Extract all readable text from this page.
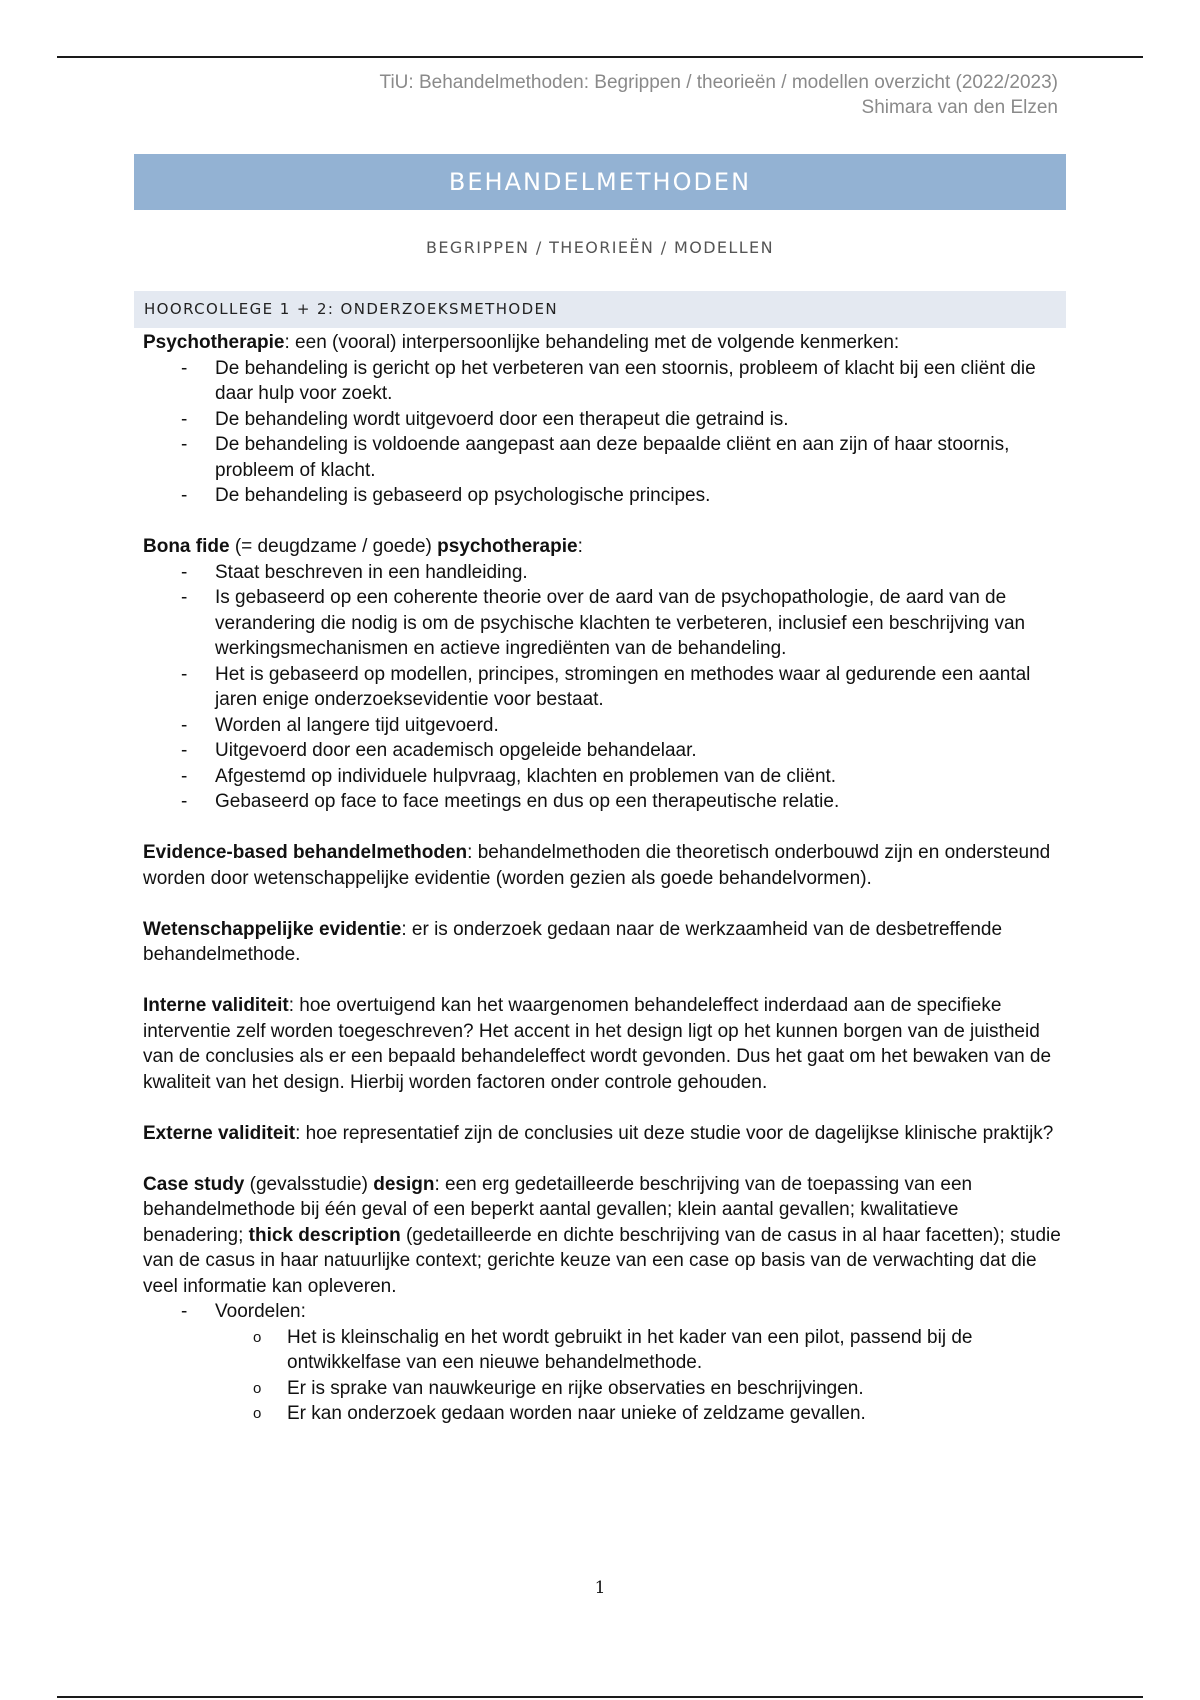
TiU: Behandelmethoden: Begrippen / theorieën / modellen overzicht (2022/2023)
Shimara van den Elzen
BEHANDELMETHODEN
BEGRIPPEN / THEORIEËN / MODELLEN
HOORCOLLEGE 1 + 2: ONDERZOEKSMETHODEN

Psychotherapie: een (vooral) interpersoonlijke behandeling met de volgende kenmerken:

- De behandeling is gericht op het verbeteren van een stoornis, probleem of klacht bij een cliënt die daar hulp voor zoekt.
- De behandeling wordt uitgevoerd door een therapeut die getraind is.
- De behandeling is voldoende aangepast aan deze bepaalde cliënt en aan zijn of haar stoornis, probleem of klacht.
- De behandeling is gebaseerd op psychologische principes.

Bona fide (= deugdzame / goede) psychotherapie:

- Staat beschreven in een handleiding.
- Is gebaseerd op een coherente theorie over de aard van de psychopathologie, de aard van de verandering die nodig is om de psychische klachten te verbeteren, inclusief een beschrijving van werkingsmechanismen en actieve ingrediënten van de behandeling.
- Het is gebaseerd op modellen, principes, stromingen en methodes waar al gedurende een aantal jaren enige onderzoeksevidentie voor bestaat.
- Worden al langere tijd uitgevoerd.
- Uitgevoerd door een academisch opgeleide behandelaar.
- Afgestemd op individuele hulpvraag, klachten en problemen van de cliënt.
- Gebaseerd op face to face meetings en dus op een therapeutische relatie.

Evidence-based behandelmethoden: behandelmethoden die theoretisch onderbouwd zijn en ondersteund worden door wetenschappelijke evidentie (worden gezien als goede behandelvormen).

Wetenschappelijke evidentie: er is onderzoek gedaan naar de werkzaamheid van de desbetreffende behandelmethode.

Interne validiteit: hoe overtuigend kan het waargenomen behandeleffect inderdaad aan de specifieke interventie zelf worden toegeschreven? Het accent in het design ligt op het kunnen borgen van de juistheid van de conclusies als er een bepaald behandeleffect wordt gevonden. Dus het gaat om het bewaken van de kwaliteit van het design. Hierbij worden factoren onder controle gehouden.

Externe validiteit: hoe representatief zijn de conclusies uit deze studie voor de dagelijkse klinische praktijk?

Case study (gevalsstudie) design: een erg gedetailleerde beschrijving van de toepassing van een behandelmethode bij één geval of een beperkt aantal gevallen; klein aantal gevallen; kwalitatieve benadering; thick description (gedetailleerde en dichte beschrijving van de casus in al haar facetten); studie van de casus in haar natuurlijke context; gerichte keuze van een case op basis van de verwachting dat die veel informatie kan opleveren.

- Voordelen:
o Het is kleinschalig en het wordt gebruikt in het kader van een pilot, passend bij de ontwikkelfase van een nieuwe behandelmethode.
o Er is sprake van nauwkeurige en rijke observaties en beschrijvingen.
o Er kan onderzoek gedaan worden naar unieke of zeldzame gevallen.
1
